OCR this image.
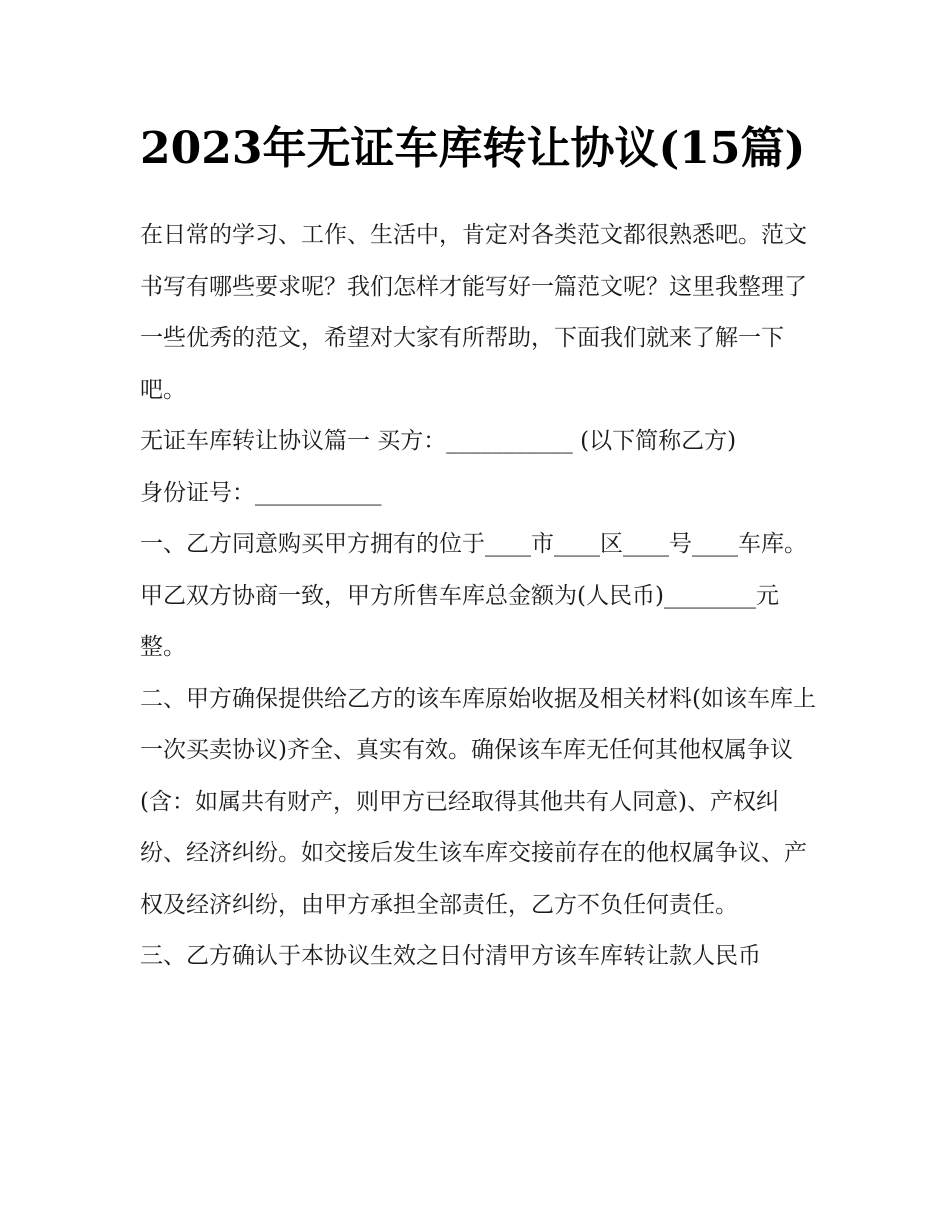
2023年无证车库转让协议(15篇)

在日常的学习、工作、生活中，肯定对各类范文都很熟悉吧。范文书写有哪些要求呢？我们怎样才能写好一篇范文呢？这里我整理了一些优秀的范文，希望对大家有所帮助，下面我们就来了解一下吧。

无证车库转让协议篇一 买方：___________ (以下简称乙方)

身份证号：___________

一、乙方同意购买甲方拥有的位于____市____区____号____车库。甲乙双方协商一致，甲方所售车库总金额为(人民币)________元整。

二、甲方确保提供给乙方的该车库原始收据及相关材料(如该车库上一次买卖协议)齐全、真实有效。确保该车库无任何其他权属争议(含：如属共有财产，则甲方已经取得其他共有人同意)、产权纠纷、经济纠纷。如交接后发生该车库交接前存在的他权属争议、产权及经济纠纷，由甲方承担全部责任，乙方不负任何责任。

三、乙方确认于本协议生效之日付清甲方该车库转让款人民币
